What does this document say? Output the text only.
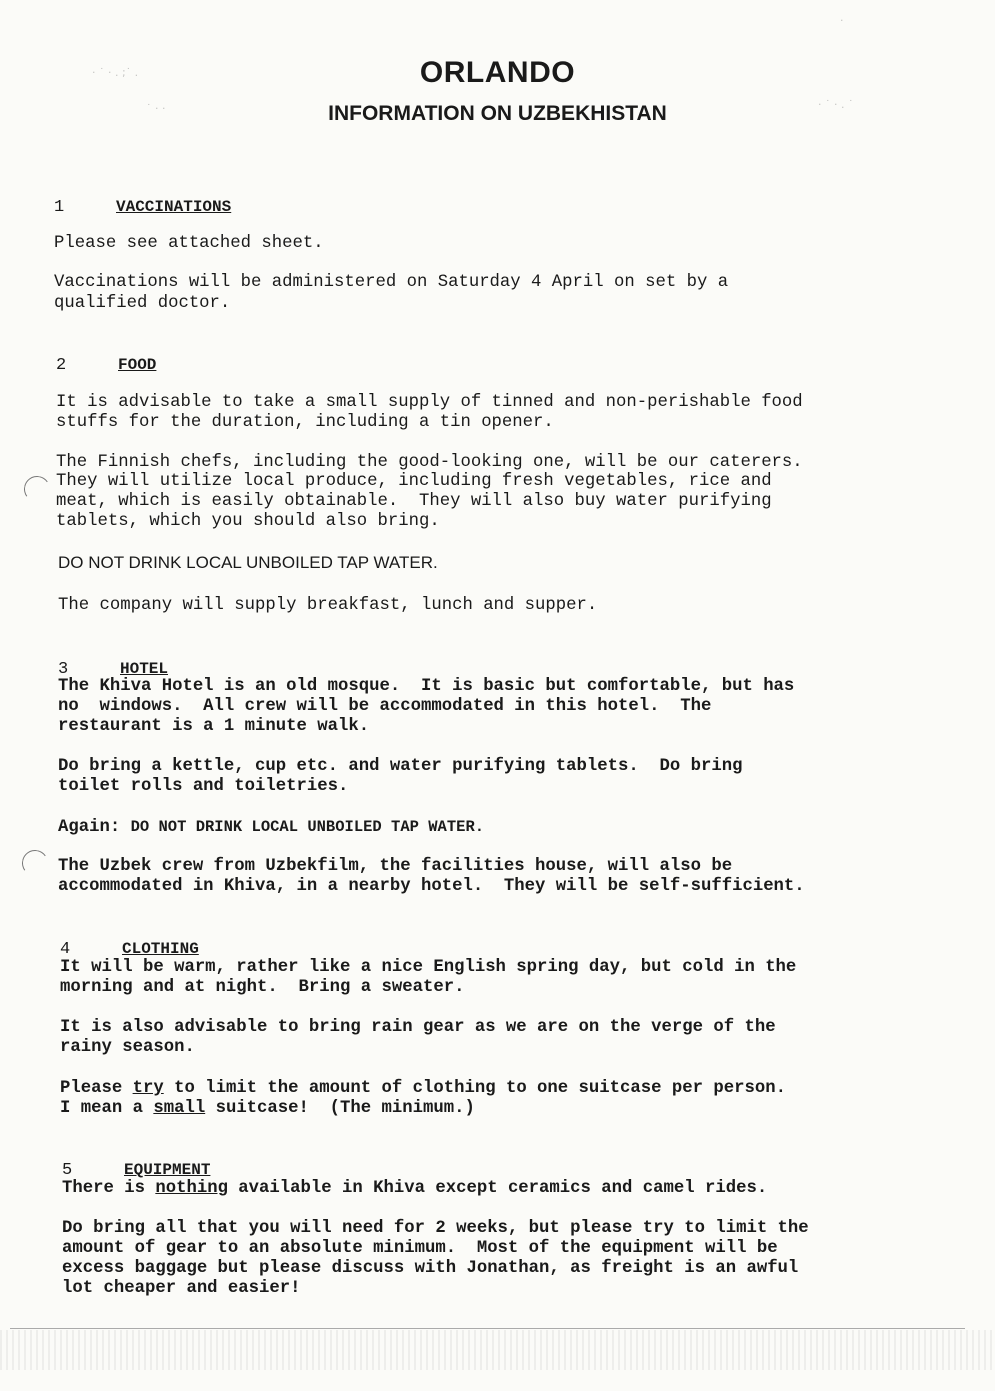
· ˙ · . ;˙ .
˙ · ·	· ˙ · . ˙
·
ORLANDO
INFORMATION ON UZBEKHISTAN
1	VACCINATIONS
Please see attached sheet.
Vaccinations will be administered on Saturday 4 April on set by a
qualified doctor.
2	FOOD
It is advisable to take a small supply of tinned and non-perishable food
stuffs for the duration, including a tin opener.
The Finnish chefs, including the good-looking one, will be our caterers.
They will utilize local produce, including fresh vegetables, rice and
meat, which is easily obtainable.  They will also buy water purifying
tablets, which you should also bring.
DO NOT DRINK LOCAL UNBOILED TAP WATER.
The company will supply breakfast, lunch and supper.
3	HOTEL
The Khiva Hotel is an old mosque.  It is basic but comfortable, but has
no  windows.  All crew will be accommodated in this hotel.  The
restaurant is a 1 minute walk.
Do bring a kettle, cup etc. and water purifying tablets.  Do bring
toilet rolls and toiletries.
Again: DO NOT DRINK LOCAL UNBOILED TAP WATER.
The Uzbek crew from Uzbekfilm, the facilities house, will also be
accommodated in Khiva, in a nearby hotel.  They will be self-sufficient.
4	CLOTHING
It will be warm, rather like a nice English spring day, but cold in the
morning and at night.  Bring a sweater.
It is also advisable to bring rain gear as we are on the verge of the
rainy season.
Please try to limit the amount of clothing to one suitcase per person.
I mean a small suitcase!  (The minimum.)
5	EQUIPMENT
There is nothing available in Khiva except ceramics and camel rides.
Do bring all that you will need for 2 weeks, but please try to limit the
amount of gear to an absolute minimum.  Most of the equipment will be
excess baggage but please discuss with Jonathan, as freight is an awful
lot cheaper and easier!
